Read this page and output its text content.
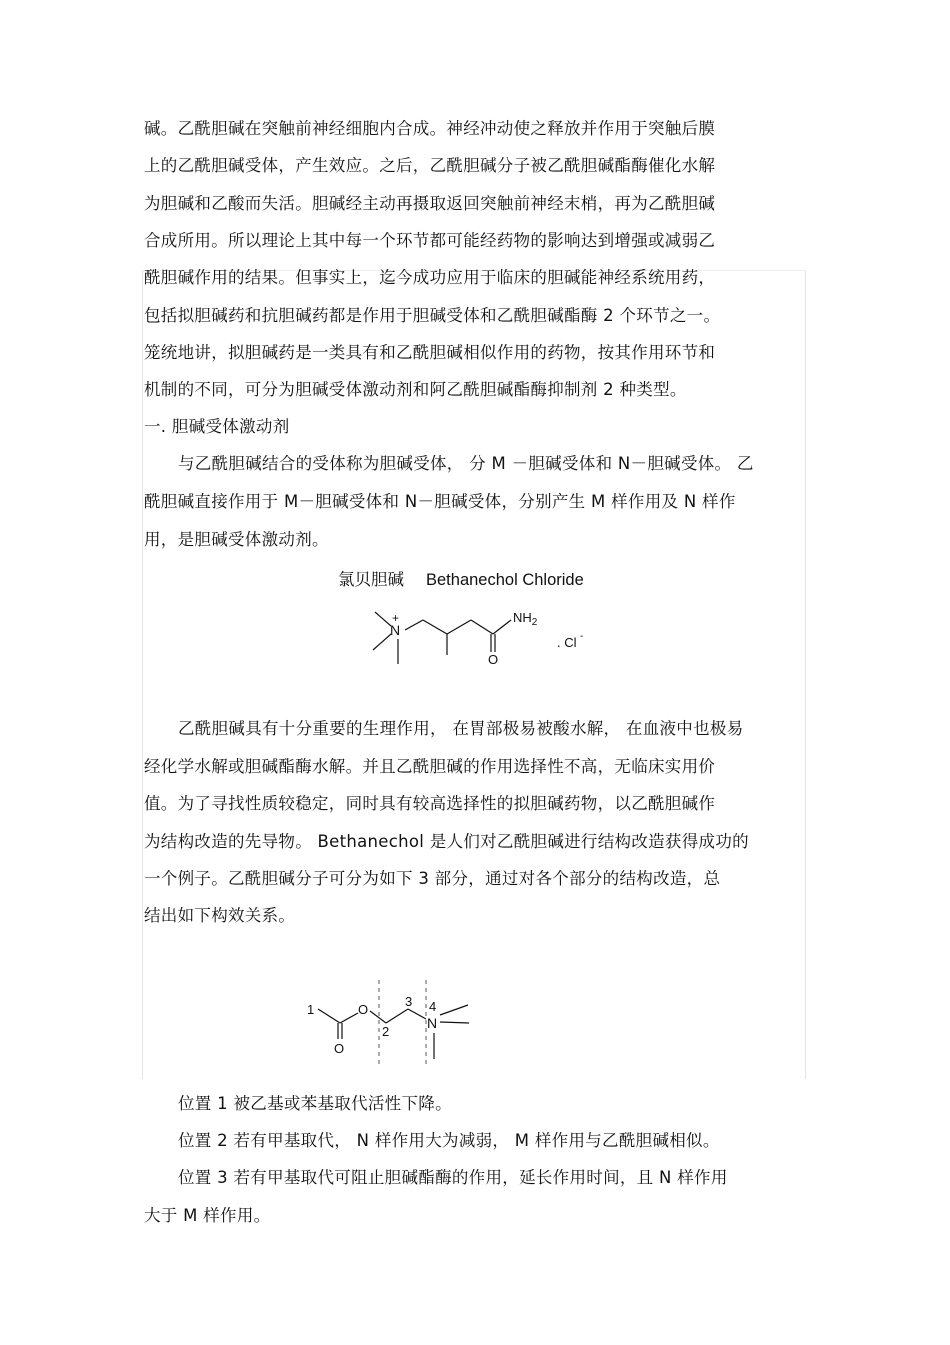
碱。乙酰胆碱在突触前神经细胞内合成。神经冲动使之释放并作用于突触后膜
上的乙酰胆碱受体，产生效应。之后，乙酰胆碱分子被乙酰胆碱酯酶催化水解
为胆碱和乙酸而失活。胆碱经主动再摄取返回突触前神经末梢，再为乙酰胆碱
合成所用。所以理论上其中每一个环节都可能经药物的影响达到增强或减弱乙
酰胆碱作用的结果。但事实上，迄今成功应用于临床的胆碱能神经系统用药，
包括拟胆碱药和抗胆碱药都是作用于胆碱受体和乙酰胆碱酯酶 2 个环节之一。
笼统地讲，拟胆碱药是一类具有和乙酰胆碱相似作用的药物，按其作用环节和
机制的不同，可分为胆碱受体激动剂和阿乙酰胆碱酯酶抑制剂 2 种类型。
一. 胆碱受体激动剂
与乙酰胆碱结合的受体称为胆碱受体， 分 M －胆碱受体和 N－胆碱受体。 乙
酰胆碱直接作用于 M－胆碱受体和 N－胆碱受体，分别产生 M 样作用及 N 样作
用，是胆碱受体激动剂。
氯贝胆碱 Bethanechol Chloride
N
+	$NH_2$
O
. Cl -
乙酰胆碱具有十分重要的生理作用， 在胃部极易被酸水解， 在血液中也极易
经化学水解或胆碱酯酶水解。并且乙酰胆碱的作用选择性不高，无临床实用价
值。为了寻找性质较稳定，同时具有较高选择性的拟胆碱药物，以乙酰胆碱作
为结构改造的先导物。 Bethanechol 是人们对乙酰胆碱进行结构改造获得成功的
一个例子。乙酰胆碱分子可分为如下 3 部分，通过对各个部分的结构改造，总
结出如下构效关系。
1	O
O
2
3 4
N
位置 1 被乙基或苯基取代活性下降。
位置 2 若有甲基取代， N 样作用大为减弱， M 样作用与乙酰胆碱相似。
位置 3 若有甲基取代可阻止胆碱酯酶的作用，延长作用时间，且 N 样作用
大于 M 样作用。
